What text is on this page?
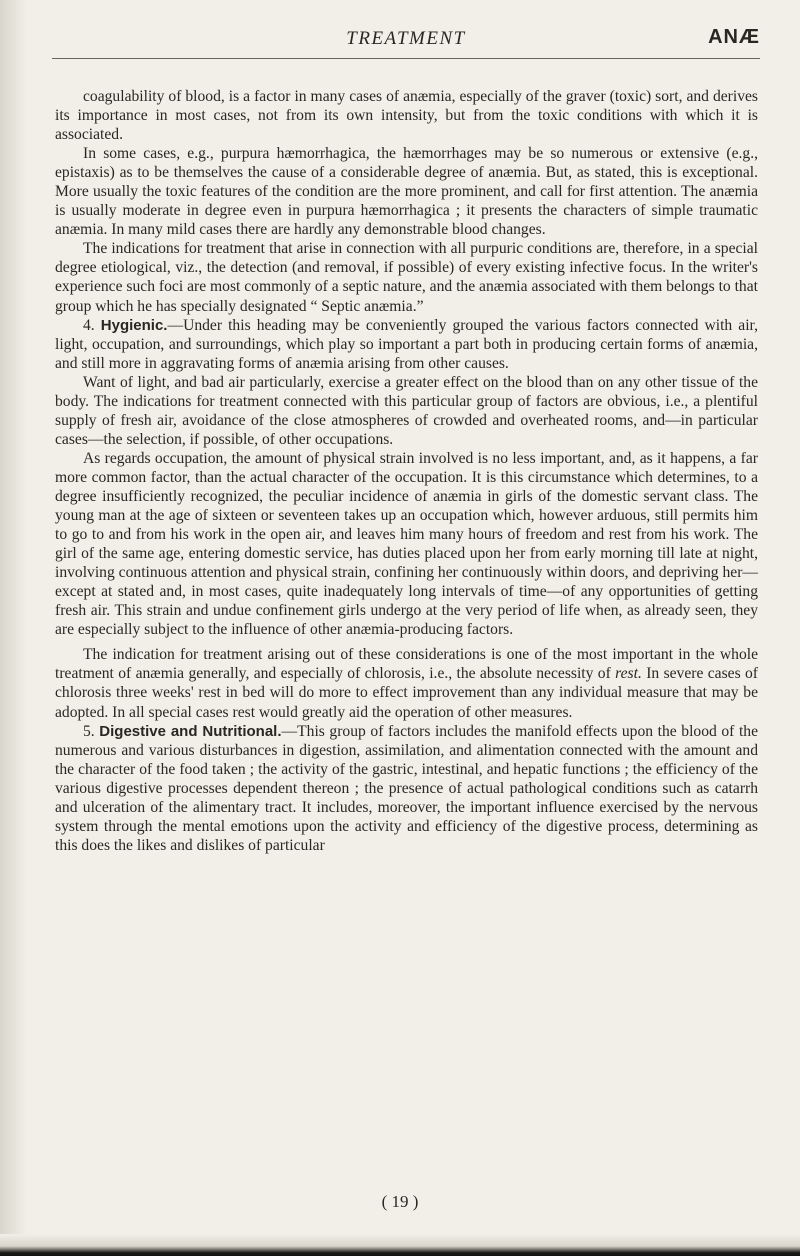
TREATMENT	ANÆ

coagulability of blood, is a factor in many cases of anæmia, especially of the graver (toxic) sort, and derives its importance in most cases, not from its own intensity, but from the toxic conditions with which it is associated.

In some cases, e.g., purpura hæmorrhagica, the hæmorrhages may be so numerous or extensive (e.g., epistaxis) as to be themselves the cause of a considerable degree of anæmia. But, as stated, this is exceptional. More usually the toxic features of the condition are the more prominent, and call for first attention. The anæmia is usually moderate in degree even in purpura hæmorrhagica ; it presents the characters of simple traumatic anæmia. In many mild cases there are hardly any demonstrable blood changes.

The indications for treatment that arise in connection with all purpuric conditions are, therefore, in a special degree etiological, viz., the detection (and removal, if possible) of every existing infective focus. In the writer's experience such foci are most commonly of a septic nature, and the anæmia associated with them belongs to that group which he has specially designated “ Septic anæmia.”

4. Hygienic.—Under this heading may be conveniently grouped the various factors connected with air, light, occupation, and surroundings, which play so important a part both in producing certain forms of anæmia, and still more in aggravating forms of anæmia arising from other causes.

Want of light, and bad air particularly, exercise a greater effect on the blood than on any other tissue of the body. The indications for treatment connected with this particular group of factors are obvious, i.e., a plentiful supply of fresh air, avoidance of the close atmospheres of crowded and overheated rooms, and—in particular cases—the selection, if possible, of other occupations.

As regards occupation, the amount of physical strain involved is no less important, and, as it happens, a far more common factor, than the actual character of the occupation. It is this circumstance which determines, to a degree insufficiently recognized, the peculiar incidence of anæmia in girls of the domestic servant class. The young man at the age of sixteen or seventeen takes up an occupation which, however arduous, still permits him to go to and from his work in the open air, and leaves him many hours of freedom and rest from his work. The girl of the same age, entering domestic service, has duties placed upon her from early morning till late at night, involving continuous attention and physical strain, confining her continuously within doors, and depriving her—except at stated and, in most cases, quite inadequately long intervals of time—of any opportunities of getting fresh air. This strain and undue confinement girls undergo at the very period of life when, as already seen, they are especially subject to the influence of other anæmia-producing factors.

The indication for treatment arising out of these considerations is one of the most important in the whole treatment of anæmia generally, and especially of chlorosis, i.e., the absolute necessity of rest. In severe cases of chlorosis three weeks' rest in bed will do more to effect improvement than any individual measure that may be adopted. In all special cases rest would greatly aid the operation of other measures.

5. Digestive and Nutritional.—This group of factors includes the manifold effects upon the blood of the numerous and various disturbances in digestion, assimilation, and alimentation connected with the amount and the character of the food taken ; the activity of the gastric, intestinal, and hepatic functions ; the efficiency of the various digestive processes dependent thereon ; the presence of actual pathological conditions such as catarrh and ulceration of the alimentary tract. It includes, moreover, the important influence exercised by the nervous system through the mental emotions upon the activity and efficiency of the digestive process, determining as this does the likes and dislikes of particular

( 19 )
